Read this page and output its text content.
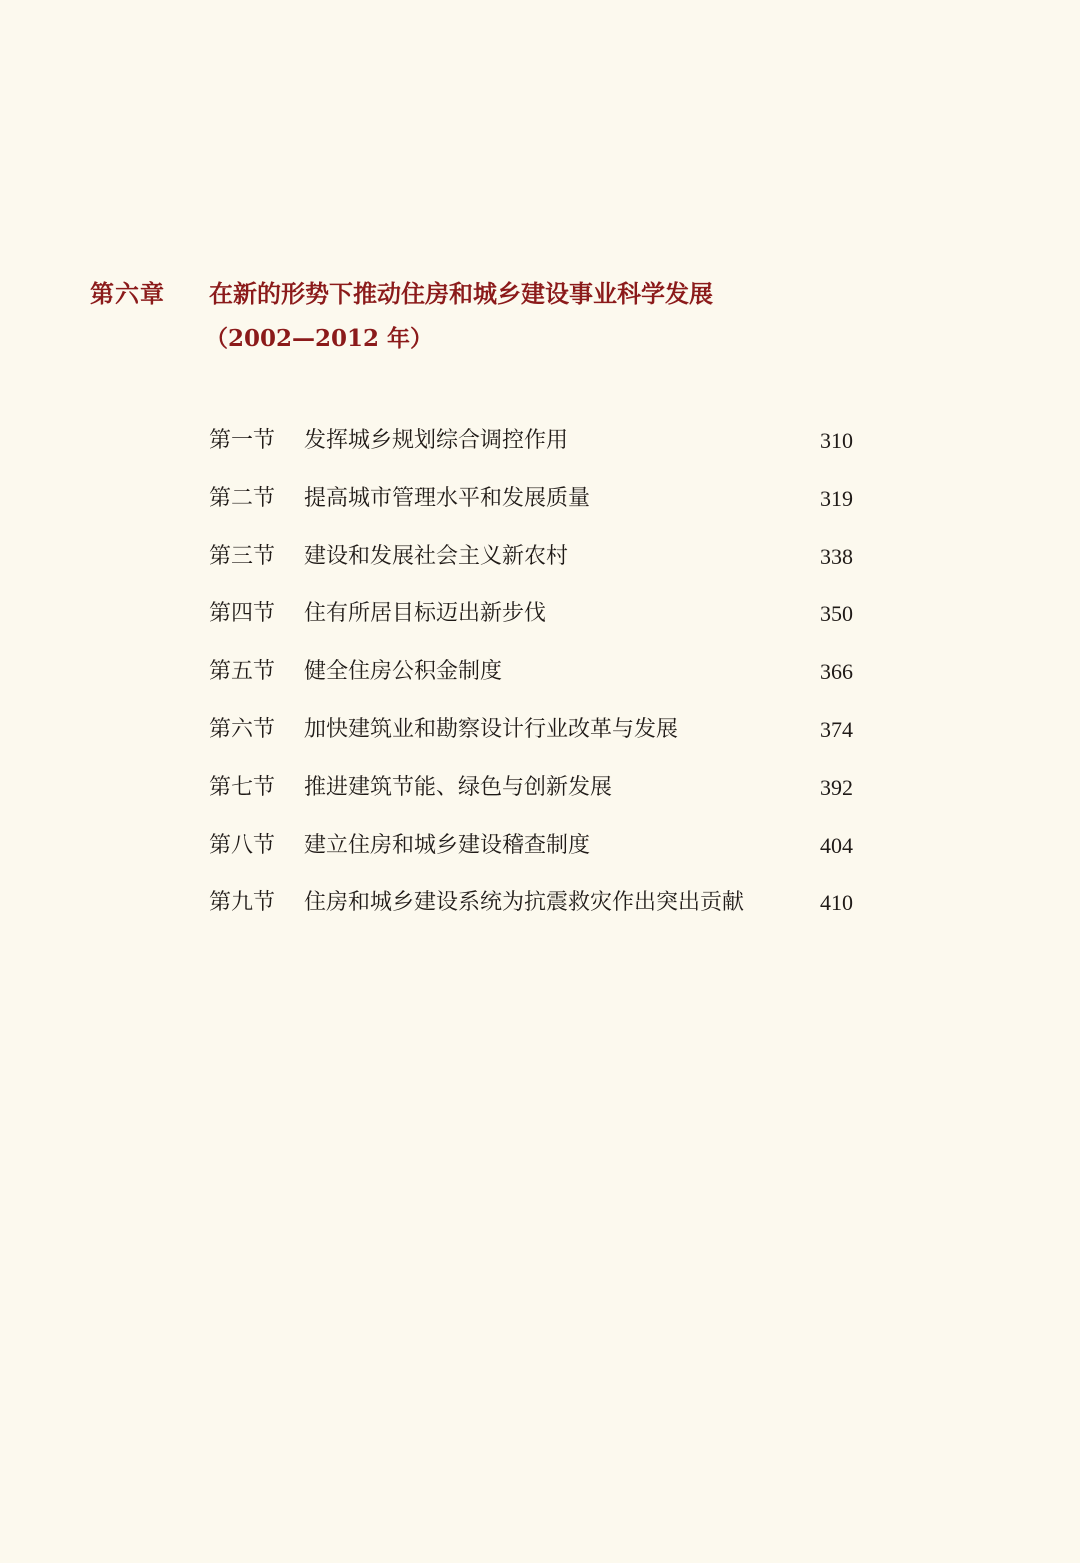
第六章 在新的形势下推动住房和城乡建设事业科学发展
（2002—2012 年）
第一节 发挥城乡规划综合调控作用	310
第二节 提高城市管理水平和发展质量	319
第三节 建设和发展社会主义新农村	338
第四节 住有所居目标迈出新步伐	350
第五节 健全住房公积金制度	366
第六节 加快建筑业和勘察设计行业改革与发展	374
第七节 推进建筑节能、绿色与创新发展	392
第八节 建立住房和城乡建设稽查制度	404
第九节 住房和城乡建设系统为抗震救灾作出突出贡献	410
